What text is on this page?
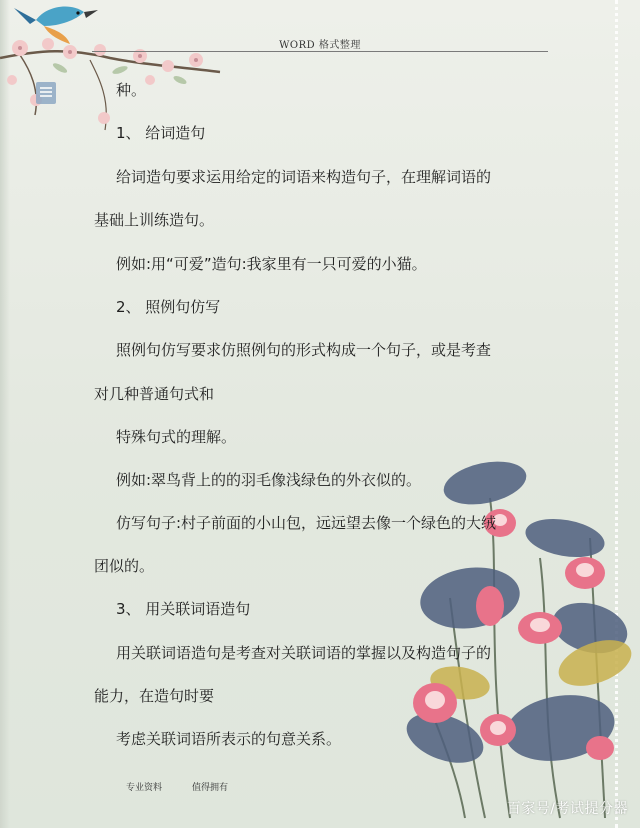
WORD 格式整理
种。
1、 给词造句
给词造句要求运用给定的词语来构造句子，在理解词语的
基础上训练造句。
例如:用“可爱”造句:我家里有一只可爱的小猫。
2、 照例句仿写
照例句仿写要求仿照例句的形式构成一个句子，或是考查
对几种普通句式和
特殊句式的理解。
例如:翠鸟背上的的羽毛像浅绿色的外衣似的。
仿写句子:村子前面的小山包，远远望去像一个绿色的大绒
团似的。
3、 用关联词语造句
用关联词语造句是考查对关联词语的掌握以及构造句子的
能力，在造句时要
考虑关联词语所表示的句意关系。
专业资料	值得拥有
百家号/考试提分器
